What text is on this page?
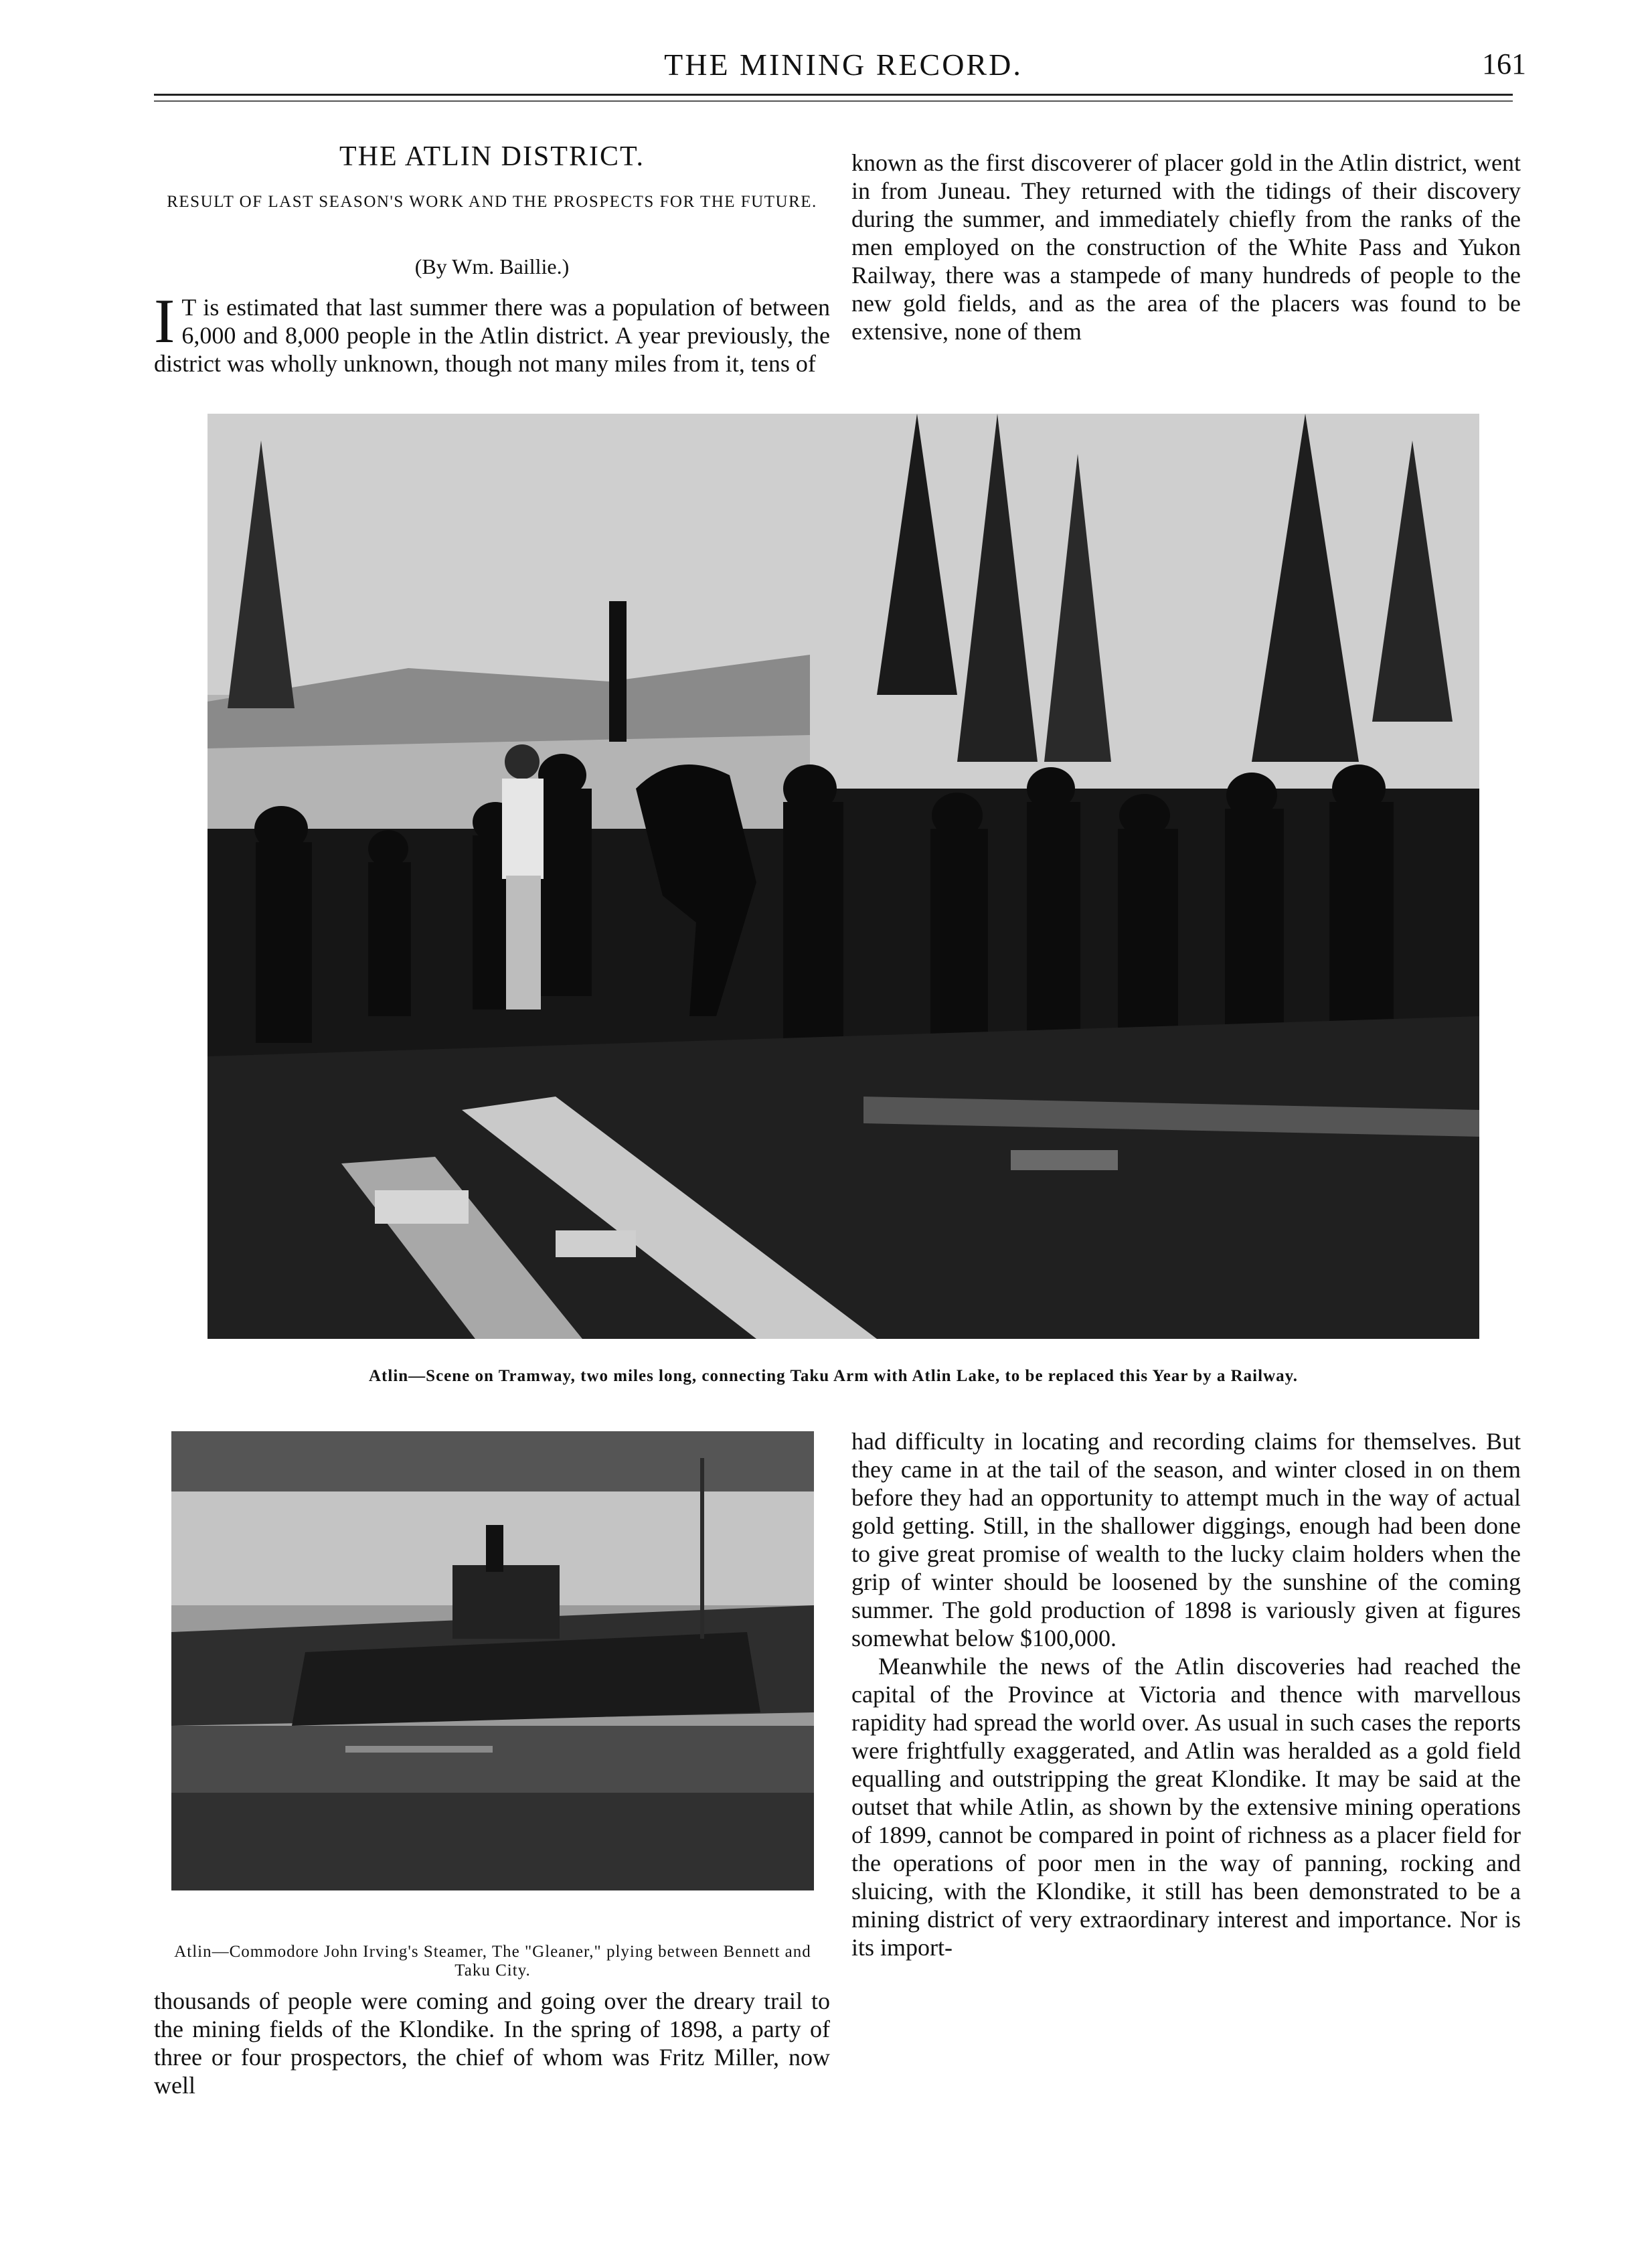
THE MINING RECORD.	161
THE ATLIN DISTRICT.
RESULT OF LAST SEASON'S WORK AND THE PROSPECTS FOR THE FUTURE.
(By Wm. Baillie.)
I T is estimated that last summer there was a population of between 6,000 and 8,000 people in the Atlin district. A year previously, the district was wholly unknown, though not many miles from it, tens of
known as the first discoverer of placer gold in the Atlin district, went in from Juneau. They returned with the tidings of their discovery during the summer, and immediately chiefly from the ranks of the men employed on the construction of the White Pass and Yukon Railway, there was a stampede of many hundreds of people to the new gold fields, and as the area of the placers was found to be extensive, none of them
Atlin—Scene on Tramway, two miles long, connecting Taku Arm with Atlin Lake, to be replaced this Year by a Railway.
Atlin—Commodore John Irving's Steamer, The "Gleaner," plying between Bennett and Taku City.
thousands of people were coming and going over the dreary trail to the mining fields of the Klondike. In the spring of 1898, a party of three or four prospectors, the chief of whom was Fritz Miller, now well

had difficulty in locating and recording claims for themselves. But they came in at the tail of the season, and winter closed in on them before they had an opportunity to attempt much in the way of actual gold getting. Still, in the shallower diggings, enough had been done to give great promise of wealth to the lucky claim holders when the grip of winter should be loosened by the sunshine of the coming summer. The gold production of 1898 is variously given at figures somewhat below $100,000.

Meanwhile the news of the Atlin discoveries had reached the capital of the Province at Victoria and thence with marvellous rapidity had spread the world over. As usual in such cases the reports were frightfully exaggerated, and Atlin was heralded as a gold field equalling and outstripping the great Klondike. It may be said at the outset that while Atlin, as shown by the extensive mining operations of 1899, cannot be compared in point of richness as a placer field for the operations of poor men in the way of panning, rocking and sluicing, with the Klondike, it still has been demonstrated to be a mining district of very extraordinary interest and importance. Nor is its import-
